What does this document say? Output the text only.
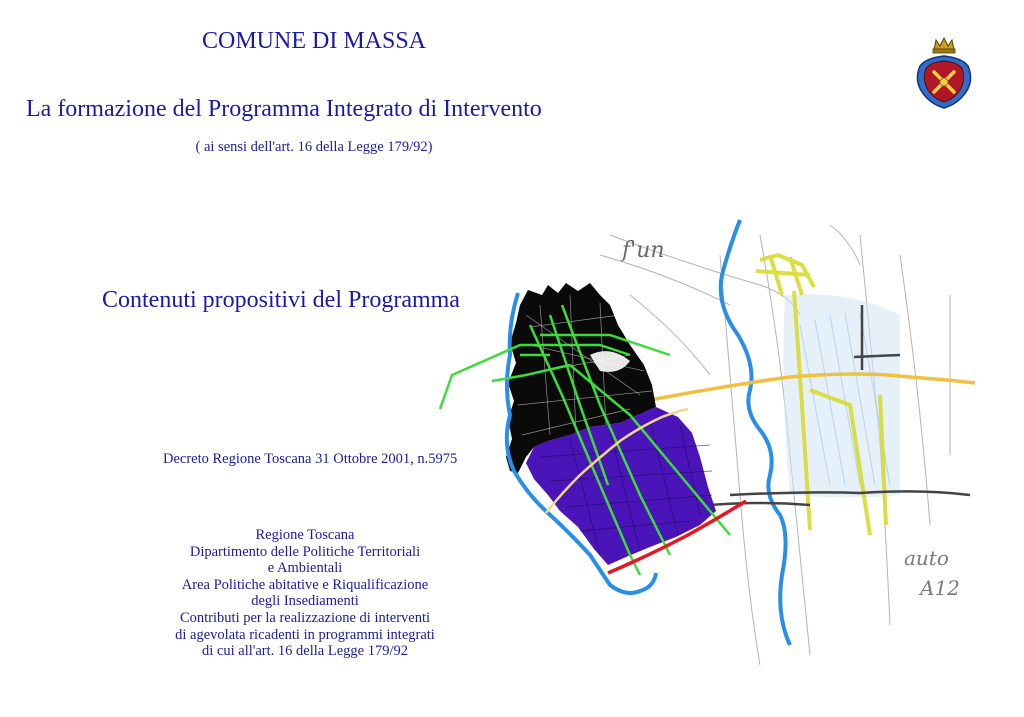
COMUNE DI MASSA
La formazione del Programma Integrato di Intervento
( ai sensi dell'art. 16 della Legge 179/92)
Contenuti propositivi del Programma
Decreto Regione Toscana 31 Ottobre 2001, n.5975
Regione Toscana
Dipartimento delle Politiche Territoriali
e Ambientali
Area Politiche abitative e Riqualificazione
degli Insediamenti
Contributi per la realizzazione di interventi
di agevolata ricadenti in programmi integrati
di cui all'art. 16 della Legge 179/92
f'un
auto
A12
